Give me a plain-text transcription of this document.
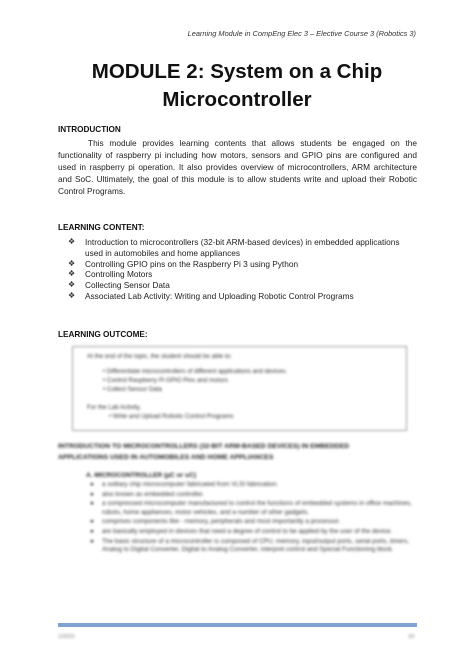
Learning Module in CompEng Elec 3 – Elective Course 3 (Robotics 3)
MODULE 2: System on a Chip
Microcontroller
INTRODUCTION

This module provides learning contents that allows students be engaged on the functionality of raspberry pi including how motors, sensors and GPIO pins are configured and used in raspberry pi operation. It also provides overview of microcontrollers, ARM architecture and SoC. Ultimately, the goal of this module is to allow students write and upload their Robotic Control Programs.

LEARNING CONTENT:
❖ Introduction to microcontrollers (32-bit ARM-based devices) in embedded applications used in automobiles and home appliances
❖ Controlling GPIO pins on the Raspberry Pi 3 using Python
❖ Controlling Motors
❖ Collecting Sensor Data
❖ Associated Lab Activity: Writing and Uploading Robotic Control Programs
LEARNING OUTCOME:
At the end of the topic, the student should be able to:
• Differentiate microcontrollers of different applications and devices.
• Control Raspberry Pi GPIO Pins and motors
• Collect Sensor Data
For the Lab Activity,
• Write and Upload Robotic Control Programs
INTRODUCTION TO MICROCONTROLLERS (32-BIT ARM-BASED DEVICES) IN EMBEDDED
APPLICATIONS USED IN AUTOMOBILES AND HOME APPLIANCES
A. MICROCONTROLLER (µC or uC)
● a solitary chip microcomputer fabricated from VLSI fabrication.
● also known as embedded controller.
● a compressed microcomputer manufactured to control the functions of embedded systems in office machines, robots, home appliances, motor vehicles, and a number of other gadgets.
● comprises components like - memory, peripherals and most importantly a processor.
● are basically employed in devices that need a degree of control to be applied by the user of the device.
● The basic structure of a microcontroller is composed of CPU, memory, input/output ports, serial ports, timers, Analog to Digital Converter, Digital to Analog Converter, interpret control and Special Functioning block.
1/2021	10
